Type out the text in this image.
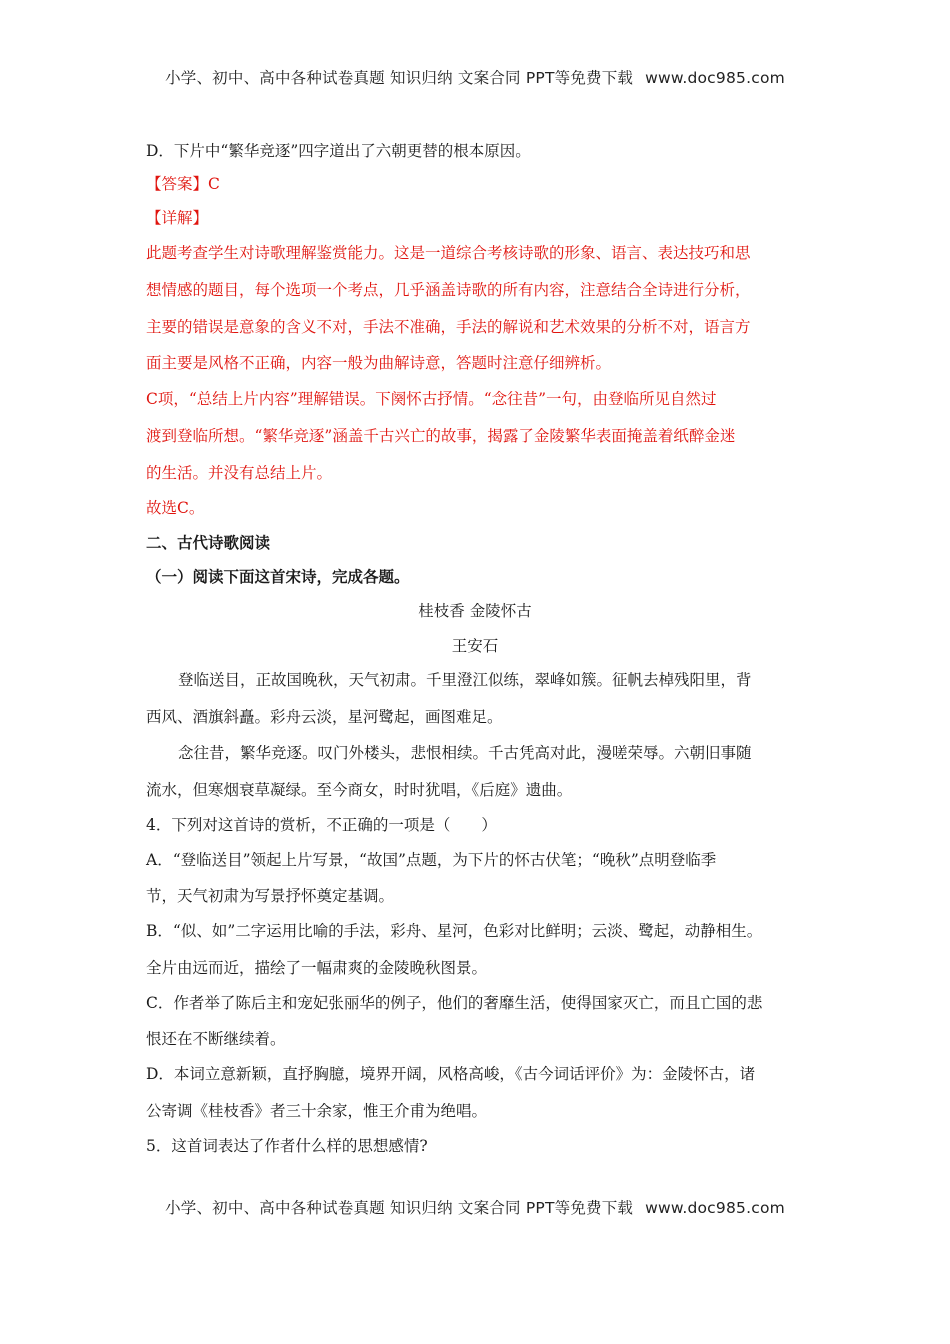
小学、初中、高中各种试卷真题 知识归纳 文案合同 PPT等免费下载 www.doc985.com
D．下片中“繁华竞逐”四字道出了六朝更替的根本原因。
【答案】C
【详解】
此题考查学生对诗歌理解鉴赏能力。这是一道综合考核诗歌的形象、语言、表达技巧和思
想情感的题目，每个选项一个考点，几乎涵盖诗歌的所有内容，注意结合全诗进行分析，
主要的错误是意象的含义不对，手法不准确，手法的解说和艺术效果的分析不对，语言方
面主要是风格不正确，内容一般为曲解诗意，答题时注意仔细辨析。
C项，“总结上片内容”理解错误。下阕怀古抒情。“念往昔”一句，由登临所见自然过
渡到登临所想。“繁华竞逐”涵盖千古兴亡的故事，揭露了金陵繁华表面掩盖着纸醉金迷
的生活。并没有总结上片。
故选C。
二、古代诗歌阅读
（一）阅读下面这首宋诗，完成各题。
桂枝香 金陵怀古
王安石
登临送目，正故国晚秋，天气初肃。千里澄江似练，翠峰如簇。征帆去棹残阳里，背
西风、酒旗斜矗。彩舟云淡，星河鹭起，画图难足。
念往昔，繁华竞逐。叹门外楼头，悲恨相续。千古凭高对此，漫嗟荣辱。六朝旧事随
流水，但寒烟衰草凝绿。至今商女，时时犹唱，《后庭》遗曲。
4．下列对这首诗的赏析，不正确的一项是（　　）
A．“登临送目”领起上片写景，“故国”点题，为下片的怀古伏笔；“晚秋”点明登临季
节，天气初肃为写景抒怀奠定基调。
B．“似、如”二字运用比喻的手法，彩舟、星河，色彩对比鲜明；云淡、鹭起，动静相生。
全片由远而近，描绘了一幅肃爽的金陵晚秋图景。
C．作者举了陈后主和宠妃张丽华的例子，他们的奢靡生活，使得国家灭亡，而且亡国的悲
恨还在不断继续着。
D．本词立意新颖，直抒胸臆，境界开阔，风格高峻，《古今词话评价》为：金陵怀古，诸
公寄调《桂枝香》者三十余家，惟王介甫为绝唱。
5．这首词表达了作者什么样的思想感情?
小学、初中、高中各种试卷真题 知识归纳 文案合同 PPT等免费下载 www.doc985.com
